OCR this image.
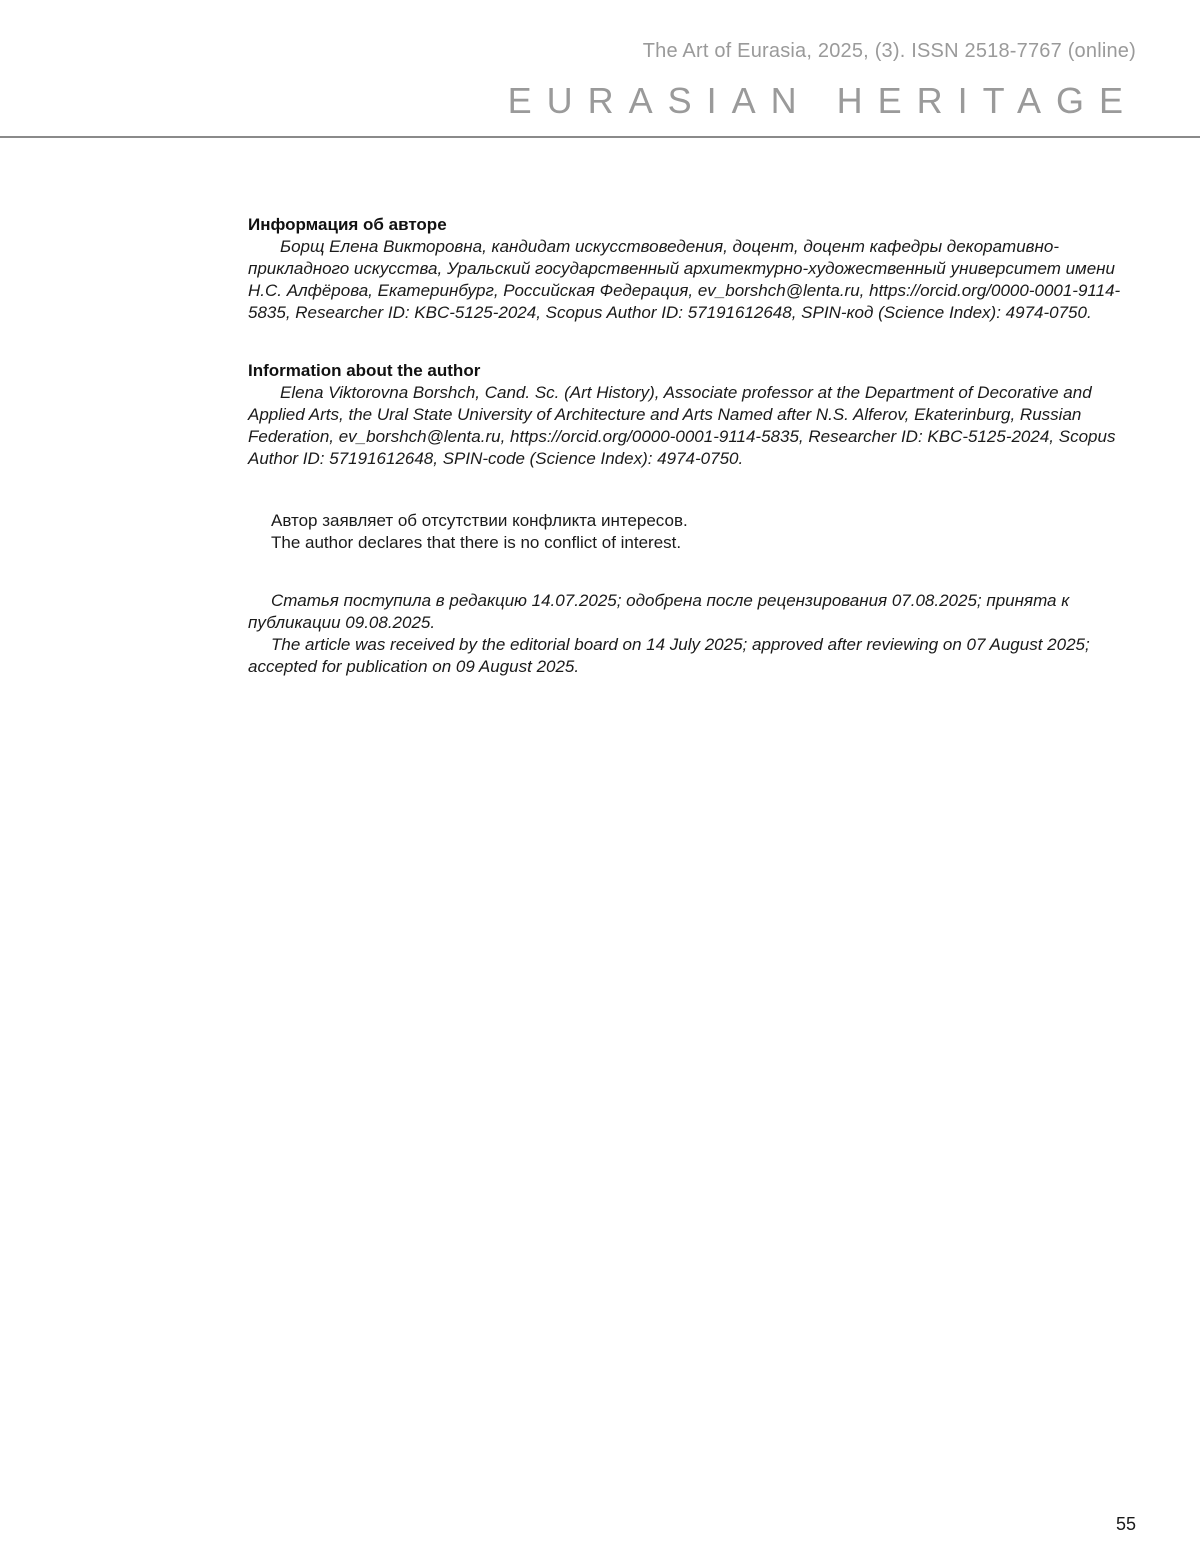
The Art of Eurasia, 2025, (3). ISSN 2518-7767 (online)
EURASIAN HERITAGE

Информация об авторе

Борщ Елена Викторовна, кандидат искусствоведения, доцент, доцент кафедры декоративно-прикладного искусства, Уральский государственный архитектурно-художественный университет имени Н.С. Алфёрова, Екатеринбург, Российская Федерация, ev_borshch@lenta.ru, https://orcid.org/0000-0001-9114-5835, Researcher ID: KBC-5125-2024, Scopus Author ID: 57191612648, SPIN-код (Science Index): 4974-0750.

Information about the author

Elena Viktorovna Borshch, Cand. Sc. (Art History), Associate professor at the Department of Decorative and Applied Arts, the Ural State University of Architecture and Arts Named after N.S. Alferov, Ekaterinburg, Russian Federation, ev_borshch@lenta.ru, https://orcid.org/0000-0001-9114-5835, Researcher ID: KBC-5125-2024, Scopus Author ID: 57191612648, SPIN-code (Science Index): 4974-0750.

Автор заявляет об отсутствии конфликта интересов.

The author declares that there is no conflict of interest.

Статья поступила в редакцию 14.07.2025; одобрена после рецензирования 07.08.2025; принята к публикации 09.08.2025.

The article was received by the editorial board on 14 July 2025; approved after reviewing on 07 August 2025; accepted for publication on 09 August 2025.

55
